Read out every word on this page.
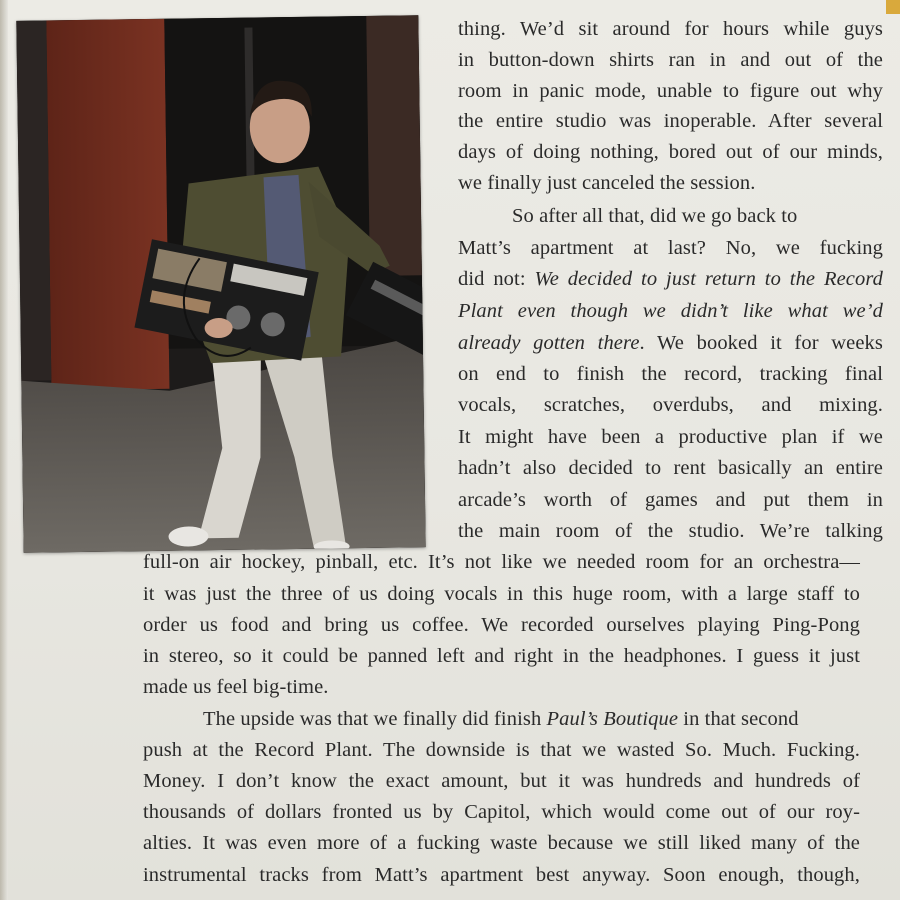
thing. We’d sit around for hours while guys
in button-down shirts ran in and out of the
room in panic mode, unable to figure out why
the entire studio was inoperable. After several
days of doing nothing, bored out of our minds,
we finally just canceled the session.
So after all that, did we go back to
Matt’s apartment at last? No, we fucking
did not: We decided to just return to the Record
Plant even though we didn’t like what we’d
already gotten there. We booked it for weeks
on end to finish the record, tracking final
vocals, scratches, overdubs, and mixing.
It might have been a productive plan if we
hadn’t also decided to rent basically an entire
arcade’s worth of games and put them in
the main room of the studio. We’re talking
full-on air hockey, pinball, etc. It’s not like we needed room for an orchestra—
it was just the three of us doing vocals in this huge room, with a large staff to
order us food and bring us coffee. We recorded ourselves playing Ping-Pong
in stereo, so it could be panned left and right in the headphones. I guess it just
made us feel big-time.
The upside was that we finally did finish Paul’s Boutique in that second
push at the Record Plant. The downside is that we wasted So. Much. Fucking.
Money. I don’t know the exact amount, but it was hundreds and hundreds of
thousands of dollars fronted us by Capitol, which would come out of our roy-
alties. It was even more of a fucking waste because we still liked many of the
instrumental tracks from Matt’s apartment best anyway. Soon enough, though,
